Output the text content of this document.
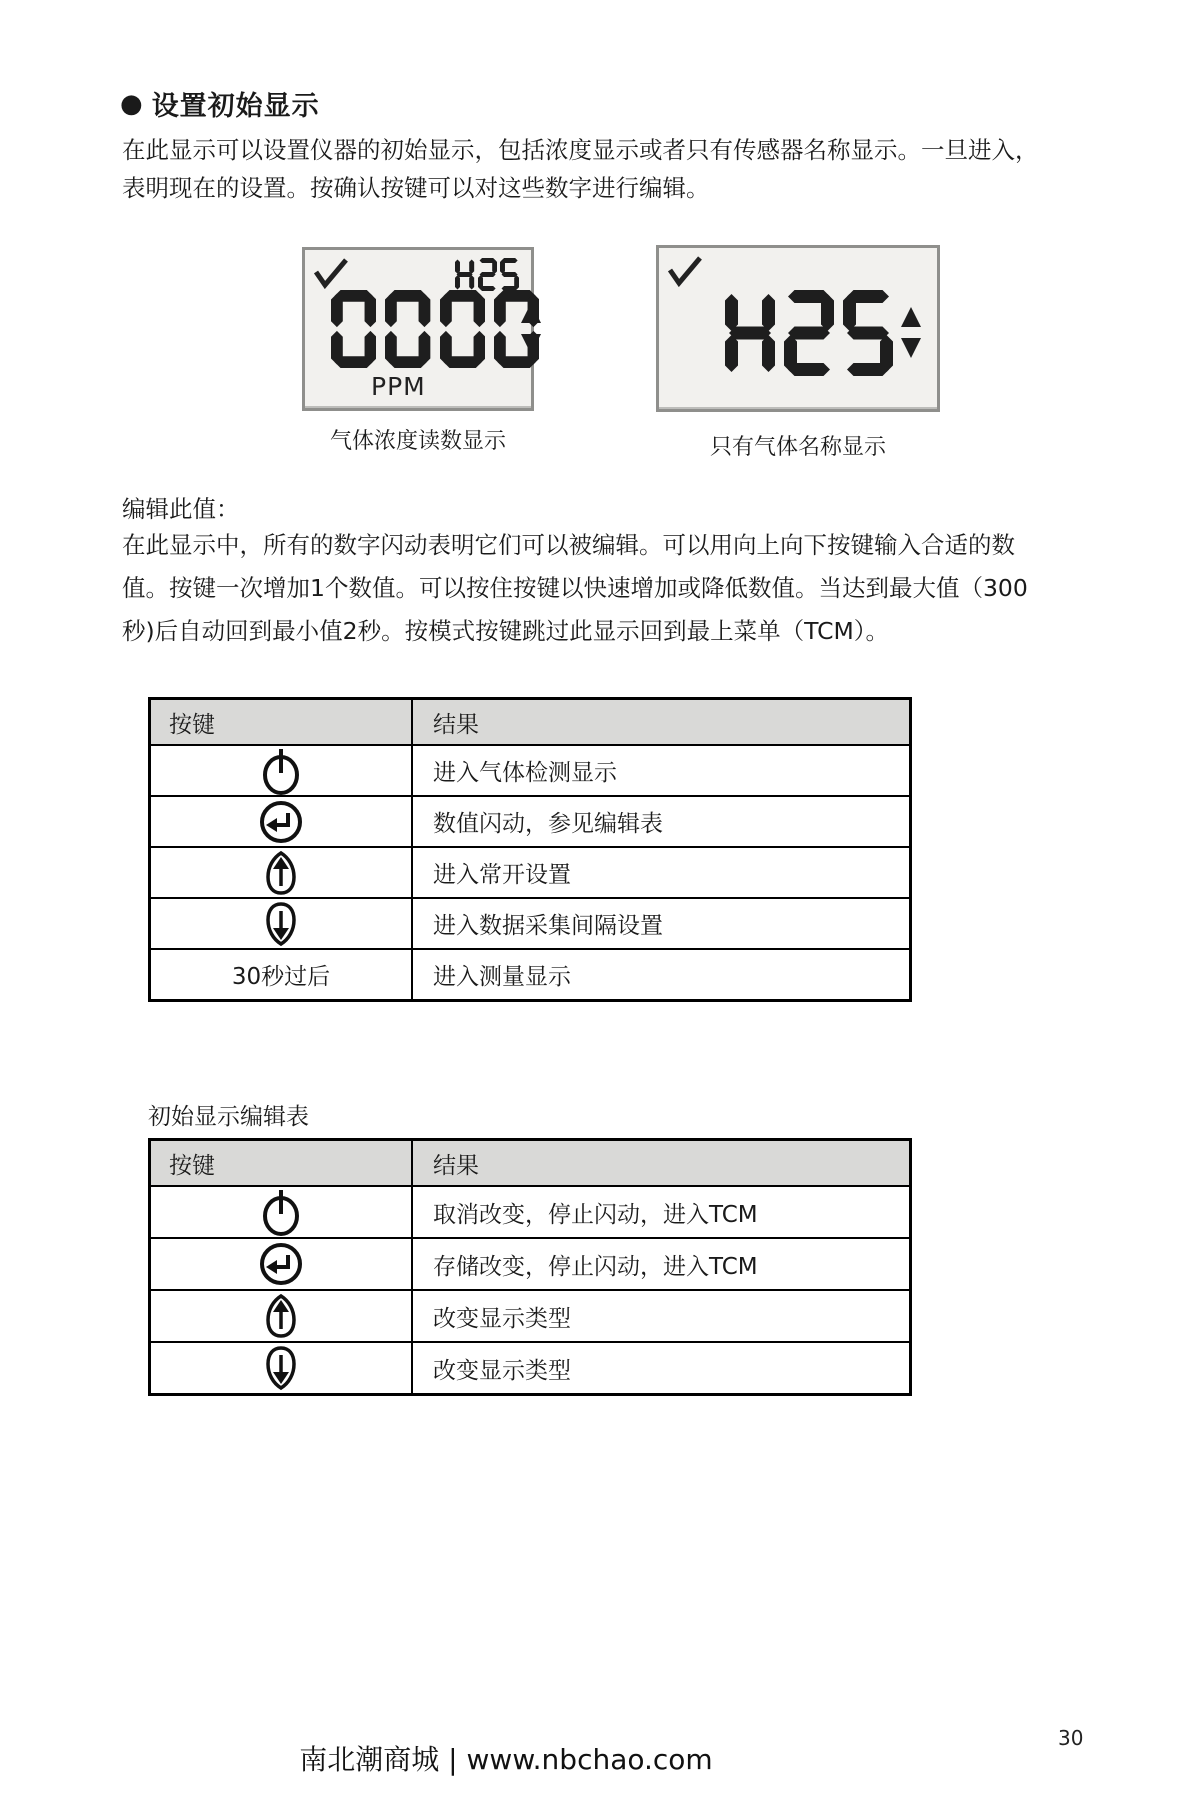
● 设置初始显示
在此显示可以设置仪器的初始显示，包括浓度显示或者只有传感器名称显示。一旦进入，
表明现在的设置。按确认按键可以对这些数字进行编辑。
PPM
气体浓度读数显示	只有气体名称显示
编辑此值：
在此显示中，所有的数字闪动表明它们可以被编辑。可以用向上向下按键输入合适的数
值。按键一次增加1个数值。可以按住按键以快速增加或降低数值。当达到最大值（300
秒)后自动回到最小值2秒。按模式按键跳过此显示回到最上菜单（TCM）。
按键	结果
进入气体检测显示
数值闪动，参见编辑表
进入常开设置
进入数据采集间隔设置
30秒过后	进入测量显示
初始显示编辑表
按键	结果
取消改变，停止闪动，进入TCM
存储改变，停止闪动，进入TCM
改变显示类型
改变显示类型
南北潮商城 | www.nbchao.com
30
